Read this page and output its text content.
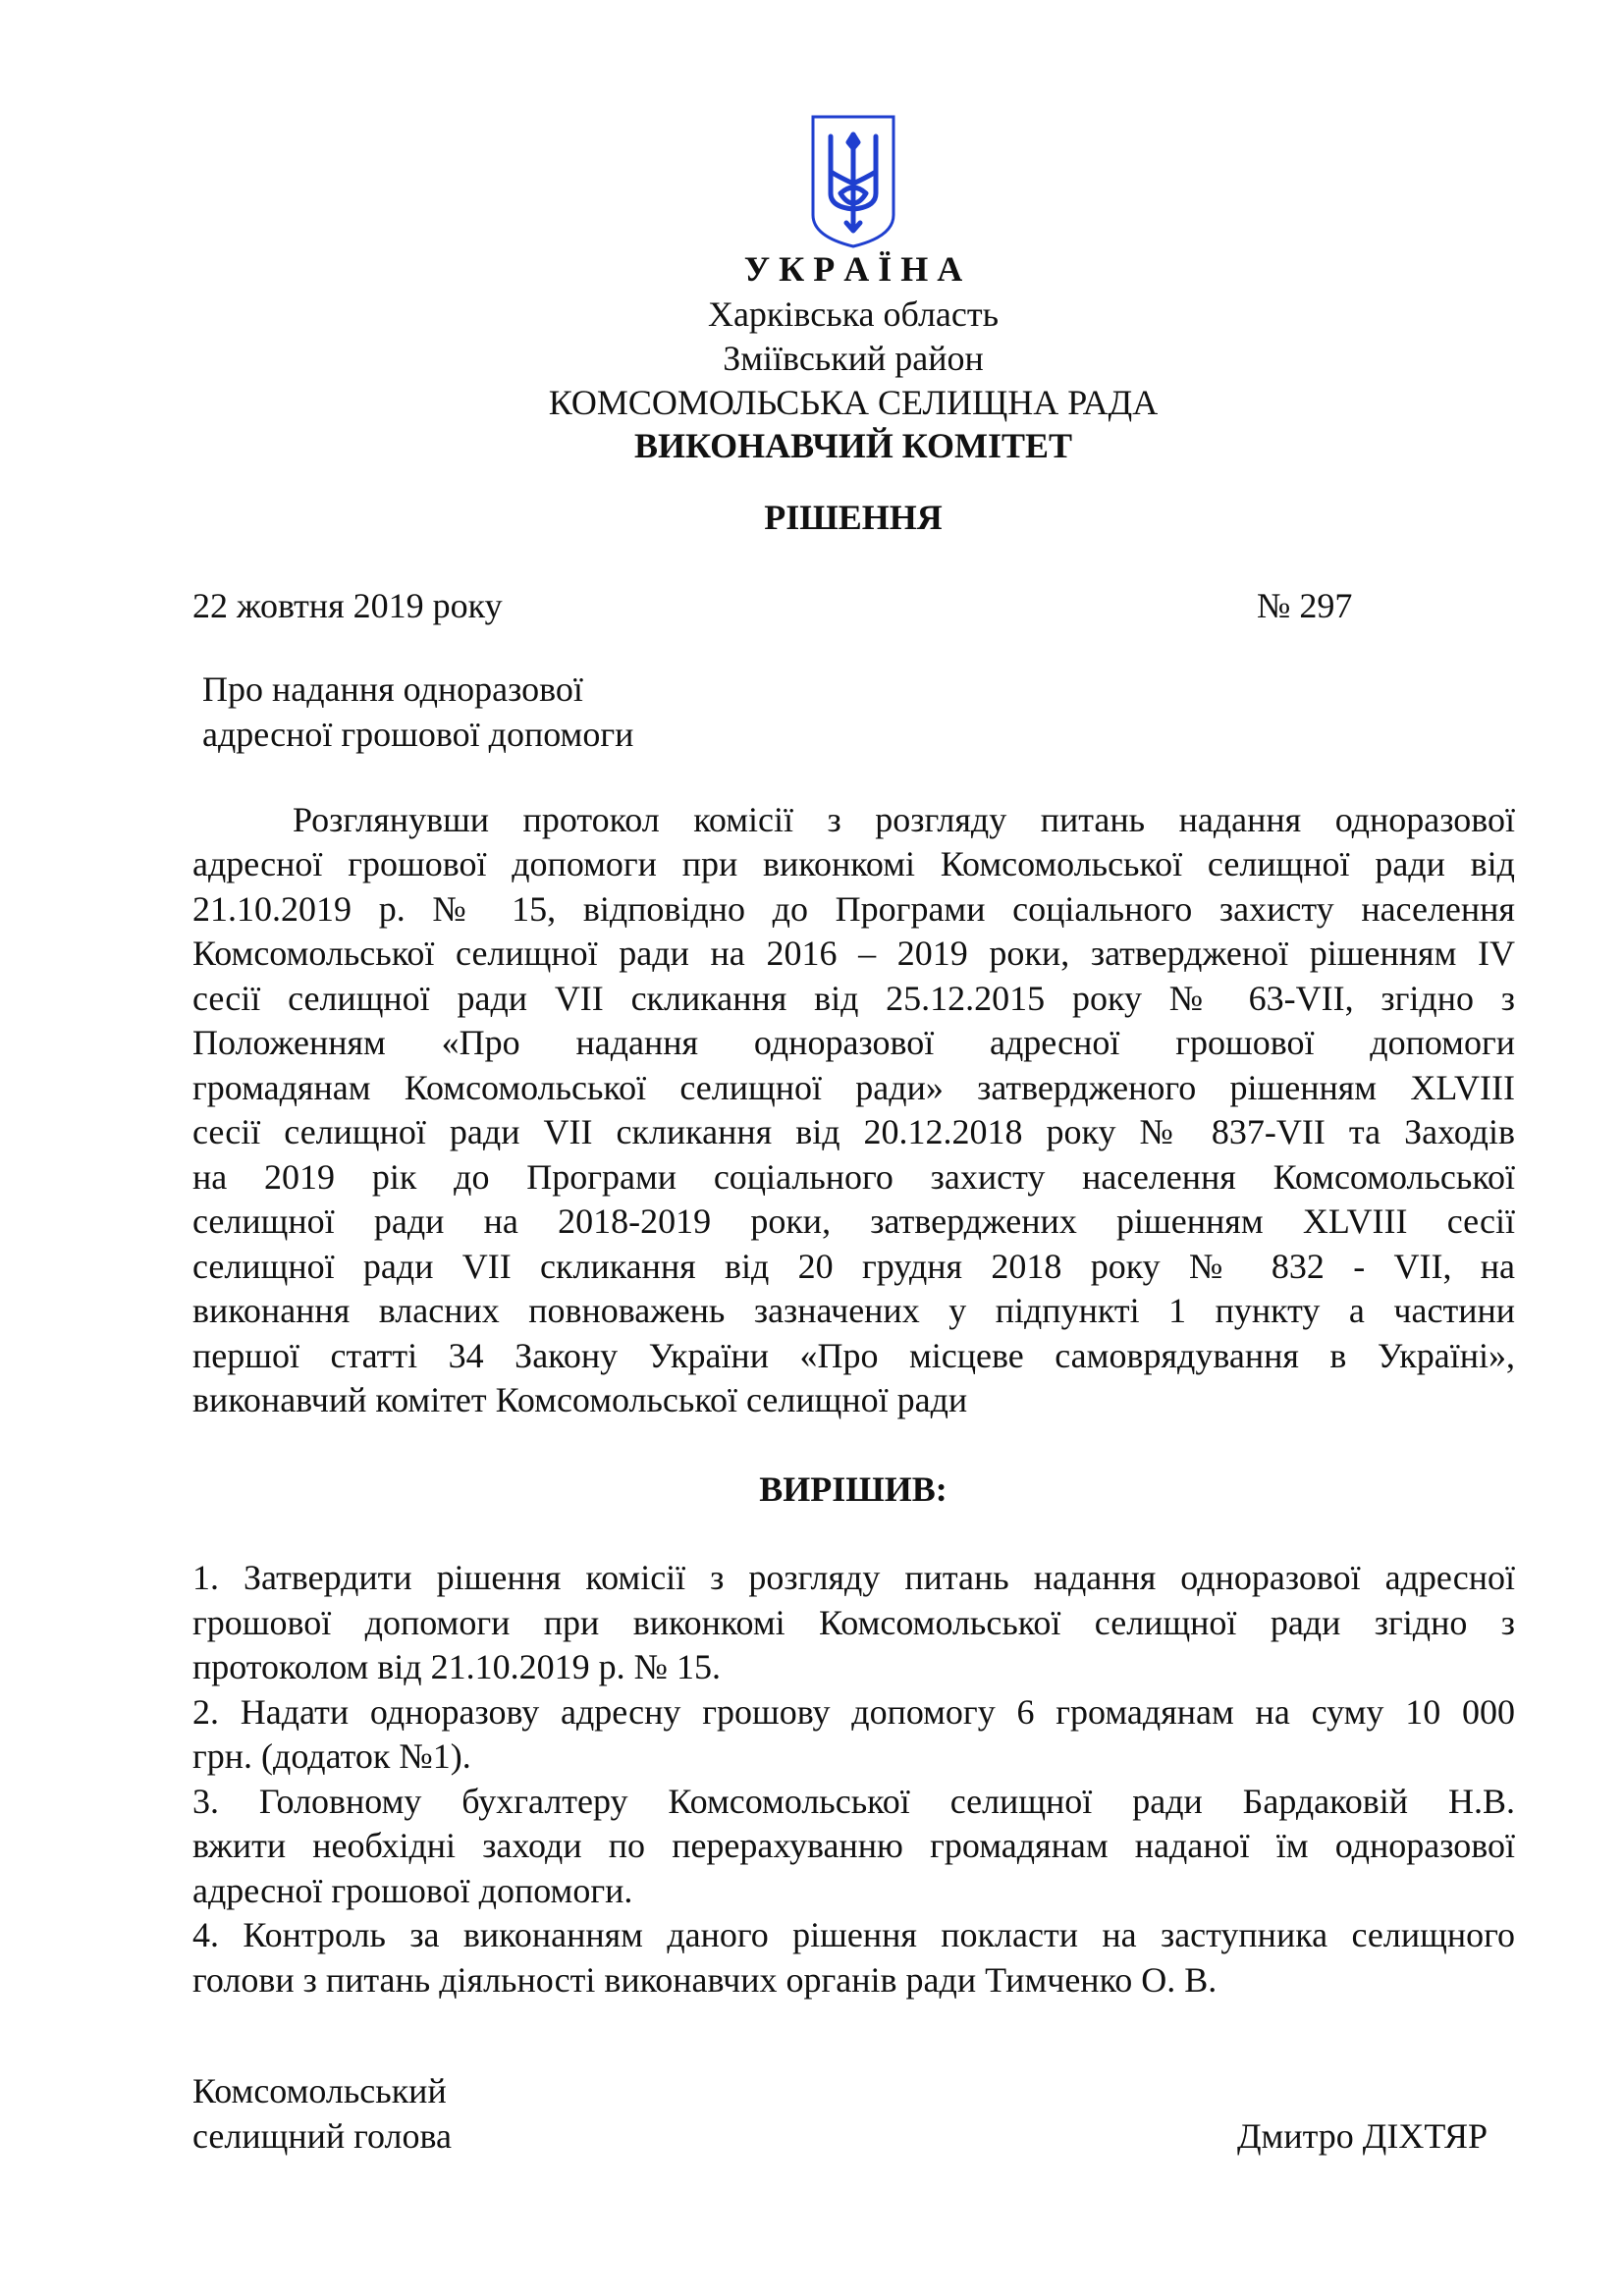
У К Р А Ї Н А
Харківська область
Зміївський район
КОМСОМОЛЬСЬКА СЕЛИЩНА РАДА
ВИКОНАВЧИЙ КОМІТЕТ
РІШЕННЯ
22 жовтня 2019 року	№ 297
Про надання одноразової
адресної грошової допомоги
Розглянувши протокол комісії з розгляду питань надання одноразової
адресної грошової допомоги при виконкомі Комсомольської селищної ради від
21.10.2019 р. № 15, відповідно до Програми соціального захисту населення
Комсомольської селищної ради на 2016 – 2019 роки, затвердженої рішенням IV
сесії селищної ради VII скликання від 25.12.2015 року № 63-VII, згідно з
Положенням «Про надання одноразової адресної грошової допомоги
громадянам Комсомольської селищної ради» затвердженого рішенням XLVIII
сесії селищної ради VII скликання від 20.12.2018 року № 837-VII та Заходів
на 2019 рік до Програми соціального захисту населення Комсомольської
селищної ради на 2018-2019 роки, затверджених рішенням XLVIII сесії
селищної ради VII скликання від 20 грудня 2018 року № 832 - VII, на
виконання власних повноважень зазначених у підпункті 1 пункту а частини
першої статті 34 Закону України «Про місцеве самоврядування в Україні»,
виконавчий комітет Комсомольської селищної ради
ВИРІШИВ:
1. Затвердити рішення комісії з розгляду питань надання одноразової адресної
грошової допомоги при виконкомі Комсомольської селищної ради згідно з
протоколом від 21.10.2019 р. № 15.
2. Надати одноразову адресну грошову допомогу 6 громадянам на суму 10 000
грн. (додаток №1).
3. Головному бухгалтеру Комсомольської селищної ради Бардаковій Н.В.
вжити необхідні заходи по перерахуванню громадянам наданої їм одноразової
адресної грошової допомоги.
4. Контроль за виконанням даного рішення покласти на заступника селищного
голови з питань діяльності виконавчих органів ради Тимченко О. В.
Комсомольський
селищний голова	Дмитро ДІХТЯР
